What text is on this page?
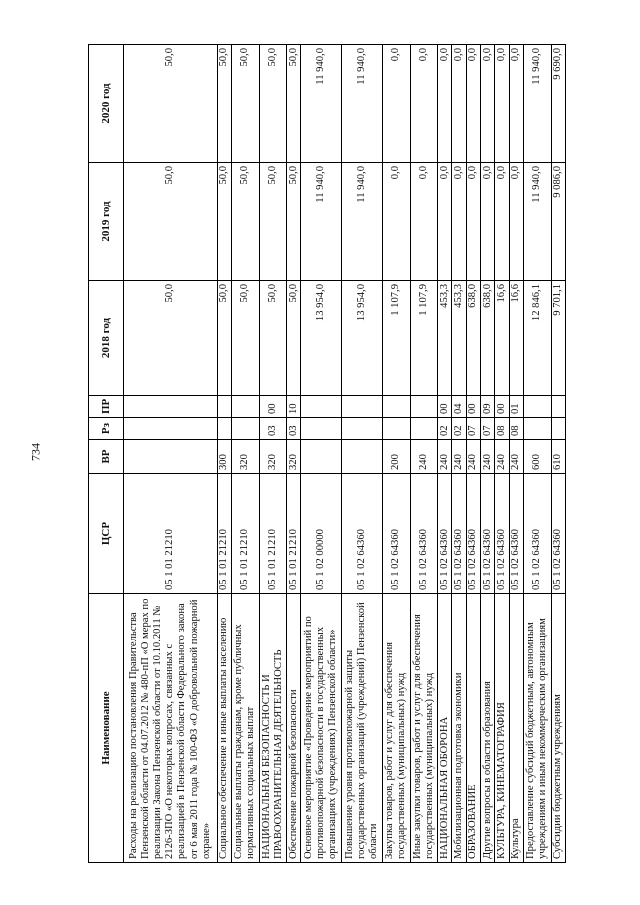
734
Наименование	ЦСР	ВР	Рз	ПР	2018 год	2019 год	2020 год
Расходы на реализацию постановления Правительства Пензенской области от 04.07.2012 № 480-пП «О мерах по реализации Закона Пензенской области от 10.10.2011 № 2126-ЗПО «О некоторых вопросах, связанных с реализацией в Пензенской области Федерального закона от 6 мая 2011 года № 100-ФЗ «О добровольной пожарной охране»	05 1 01 21210				50,0	50,0	50,0
Социальное обеспечение и иные выплаты населению	05 1 01 21210	300			50,0	50,0	50,0
Социальные выплаты гражданам, кроме публичных нормативных социальных выплат	05 1 01 21210	320			50,0	50,0	50,0
НАЦИОНАЛЬНАЯ БЕЗОПАСНОСТЬ И ПРАВООХРАНИТЕЛЬНАЯ ДЕЯТЕЛЬНОСТЬ	05 1 01 21210	320	03	00	50,0	50,0	50,0
Обеспечение пожарной безопасности	05 1 01 21210	320	03	10	50,0	50,0	50,0
Основное мероприятие «Проведение мероприятий по противопожарной безопасности в государственных организациях (учреждениях) Пензенской области»	05 1 02 00000				13 954,0	11 940,0	11 940,0
Повышение уровня противопожарной защиты государственных организаций (учреждений) Пензенской области	05 1 02 64360				13 954,0	11 940,0	11 940,0
Закупка товаров, работ и услуг для обеспечения государственных (муниципальных) нужд	05 1 02 64360	200			1 107,9	0,0	0,0
Иные закупки товаров, работ и услуг для обеспечения государственных (муниципальных) нужд	05 1 02 64360	240			1 107,9	0,0	0,0
НАЦИОНАЛЬНАЯ ОБОРОНА	05 1 02 64360	240	02	00	453,3	0,0	0,0
Мобилизационная подготовка экономики	05 1 02 64360	240	02	04	453,3	0,0	0,0
ОБРАЗОВАНИЕ	05 1 02 64360	240	07	00	638,0	0,0	0,0
Другие вопросы в области образования	05 1 02 64360	240	07	09	638,0	0,0	0,0
КУЛЬТУРА, КИНЕМАТОГРАФИЯ	05 1 02 64360	240	08	00	16,6	0,0	0,0
Культура	05 1 02 64360	240	08	01	16,6	0,0	0,0
Предоставление субсидий бюджетным, автономным учреждениям и иным некоммерческим организациям	05 1 02 64360	600			12 846,1	11 940,0	11 940,0
Субсидии бюджетным учреждениям	05 1 02 64360	610			9 701,1	9 086,0	9 690,0
